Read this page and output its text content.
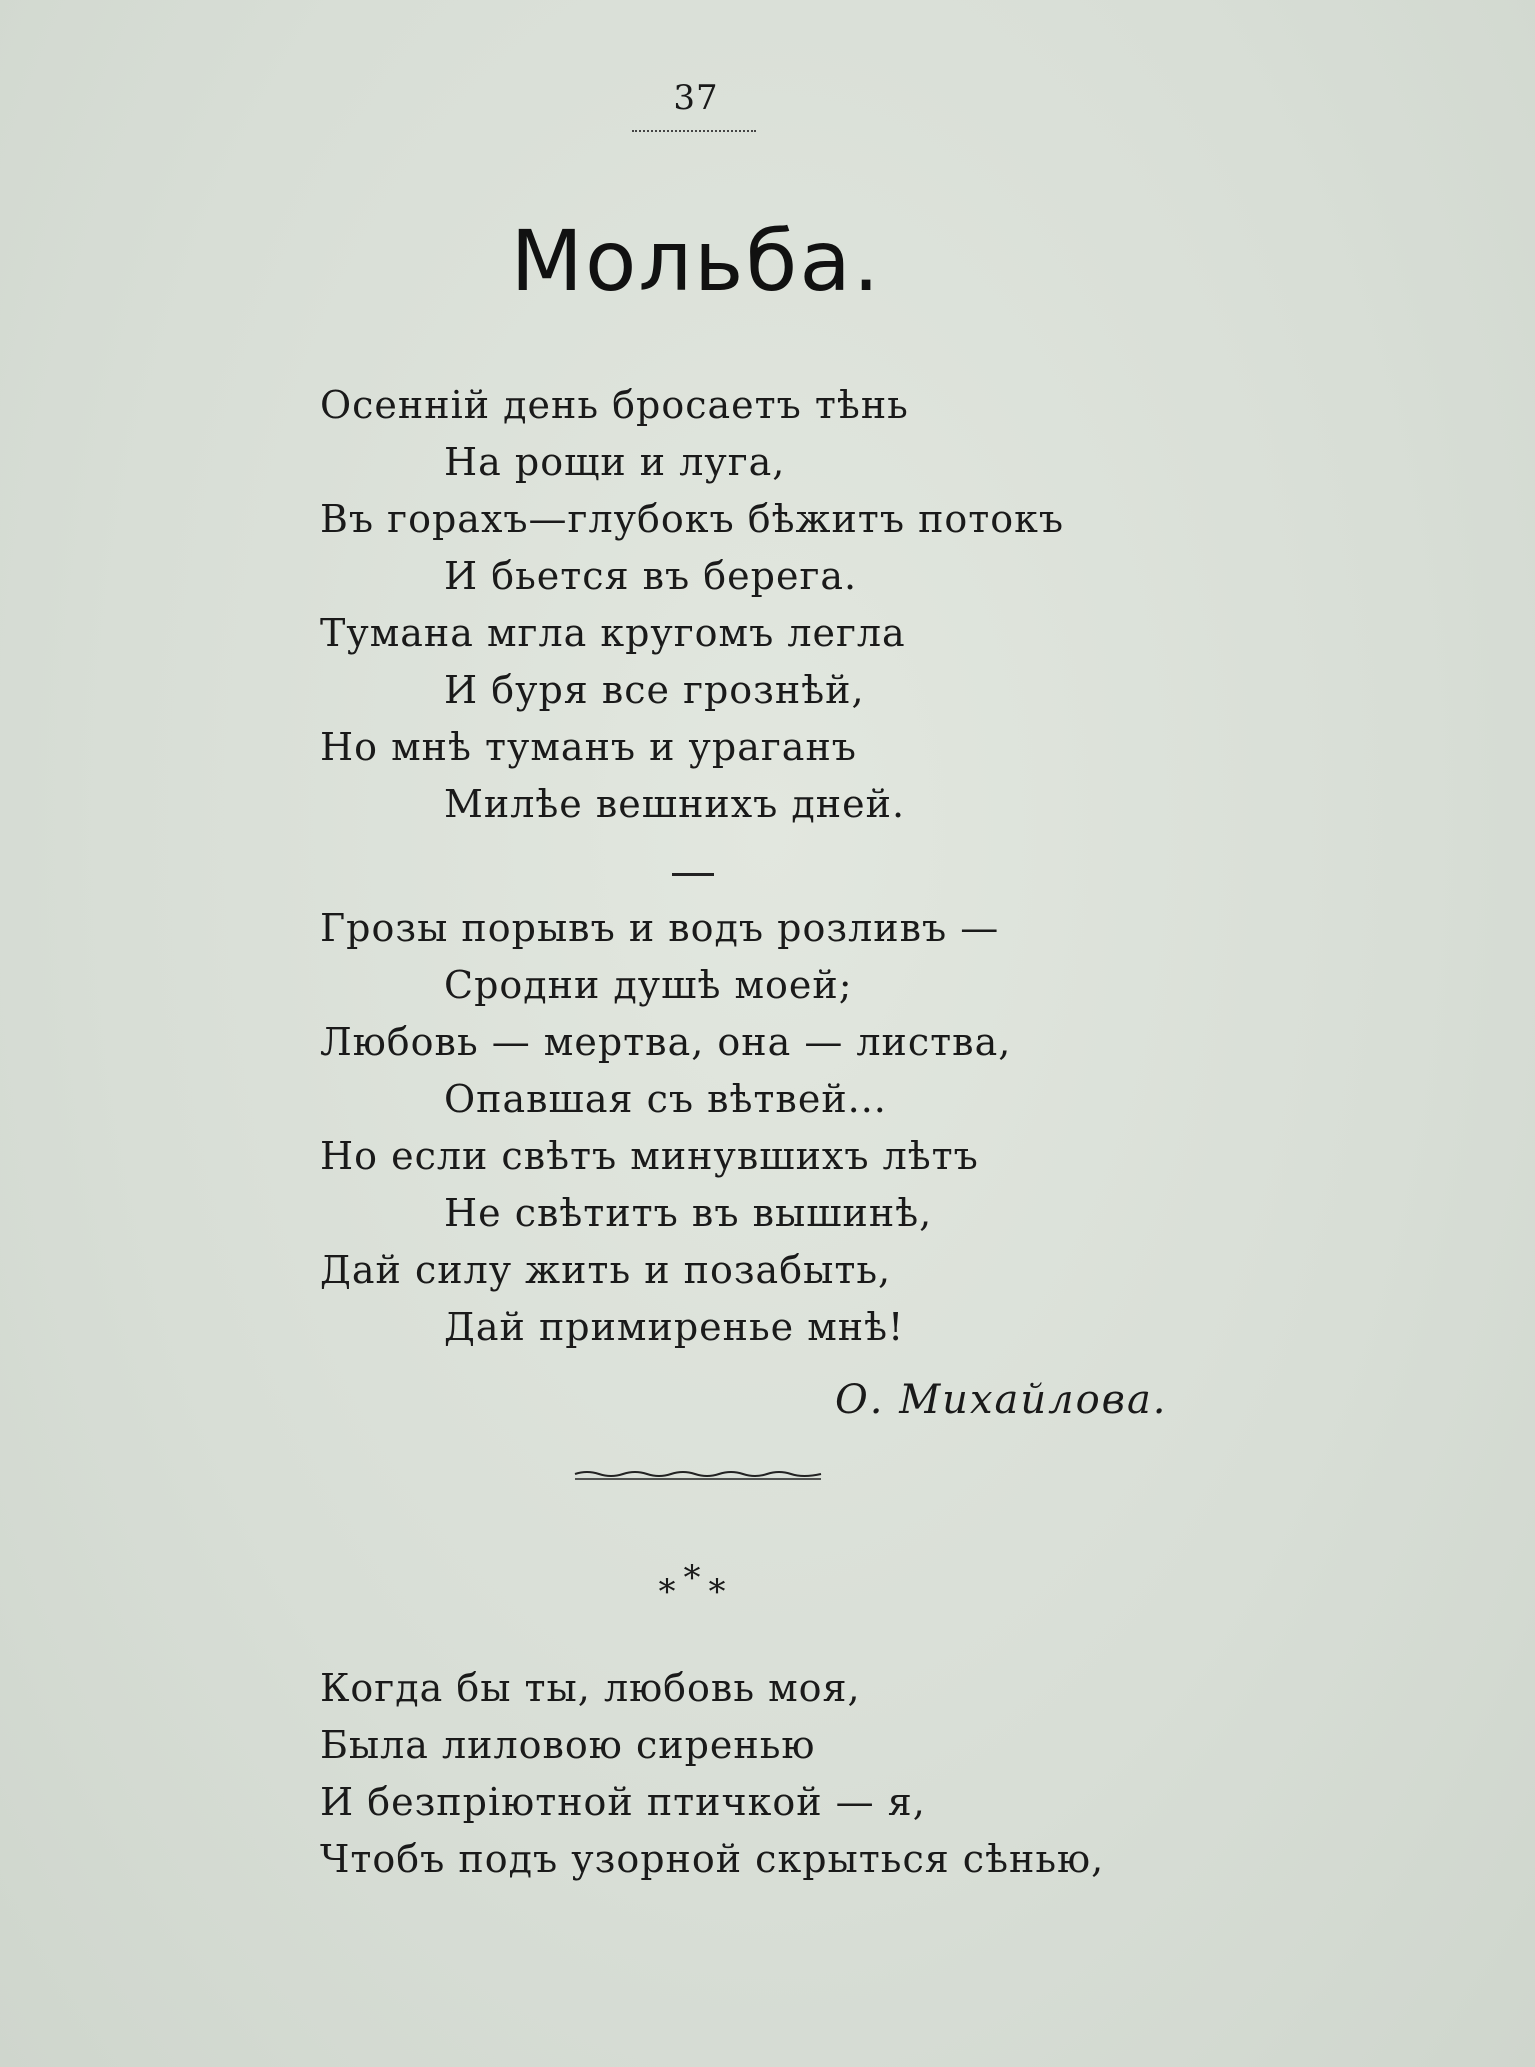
37
Мольба.
Осеннiй день бросаетъ тѣнь
На рощи и луга,
Въ горахъ—глубокъ бѣжитъ потокъ
И бьется въ берега.
Тумана мгла кругомъ легла
И буря все грознѣй,
Но мнѣ туманъ и ураганъ
Милѣе вешнихъ дней.
Грозы порывъ и водъ розливъ —
Сродни душѣ моей;
Любовь — мертва, она — листва,
Опавшая съ вѣтвей...
Но если свѣтъ минувшихъ лѣтъ
Не свѣтитъ въ вышинѣ,
Дай силу жить и позабыть,
Дай примиренье мнѣ!
О. Михайлова.
***
Когда бы ты, любовь моя,
Была лиловою сиренью
И безпрiютной птичкой — я,
Чтобъ подъ узорной скрыться сѣнью,
